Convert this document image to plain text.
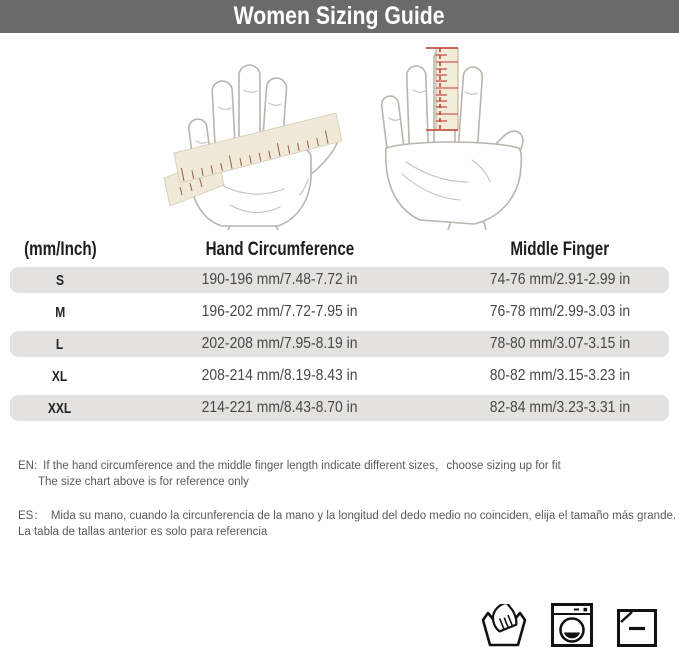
Women Sizing Guide
(mm/Inch)	Hand Circumference	Middle Finger
S	190-196 mm/7.48-7.72 in	74-76 mm/2.91-2.99 in
M	196-202 mm/7.72-7.95 in	76-78 mm/2.99-3.03 in
L	202-208 mm/7.95-8.19 in	78-80 mm/3.07-3.15 in
XL	208-214 mm/8.19-8.43 in	80-82 mm/3.15-3.23 in
XXL	214-221 mm/8.43-8.70 in	82-84 mm/3.23-3.31 in
EN: If the hand circumference and the middle finger length indicate different sizes，choose sizing up for fit
The size chart above is for reference only
ES： Mida su mano, cuando la circunferencia de la mano y la longitud del dedo medio no coinciden, elija el tamaño más grande.
La tabla de tallas anterior es solo para referencia
